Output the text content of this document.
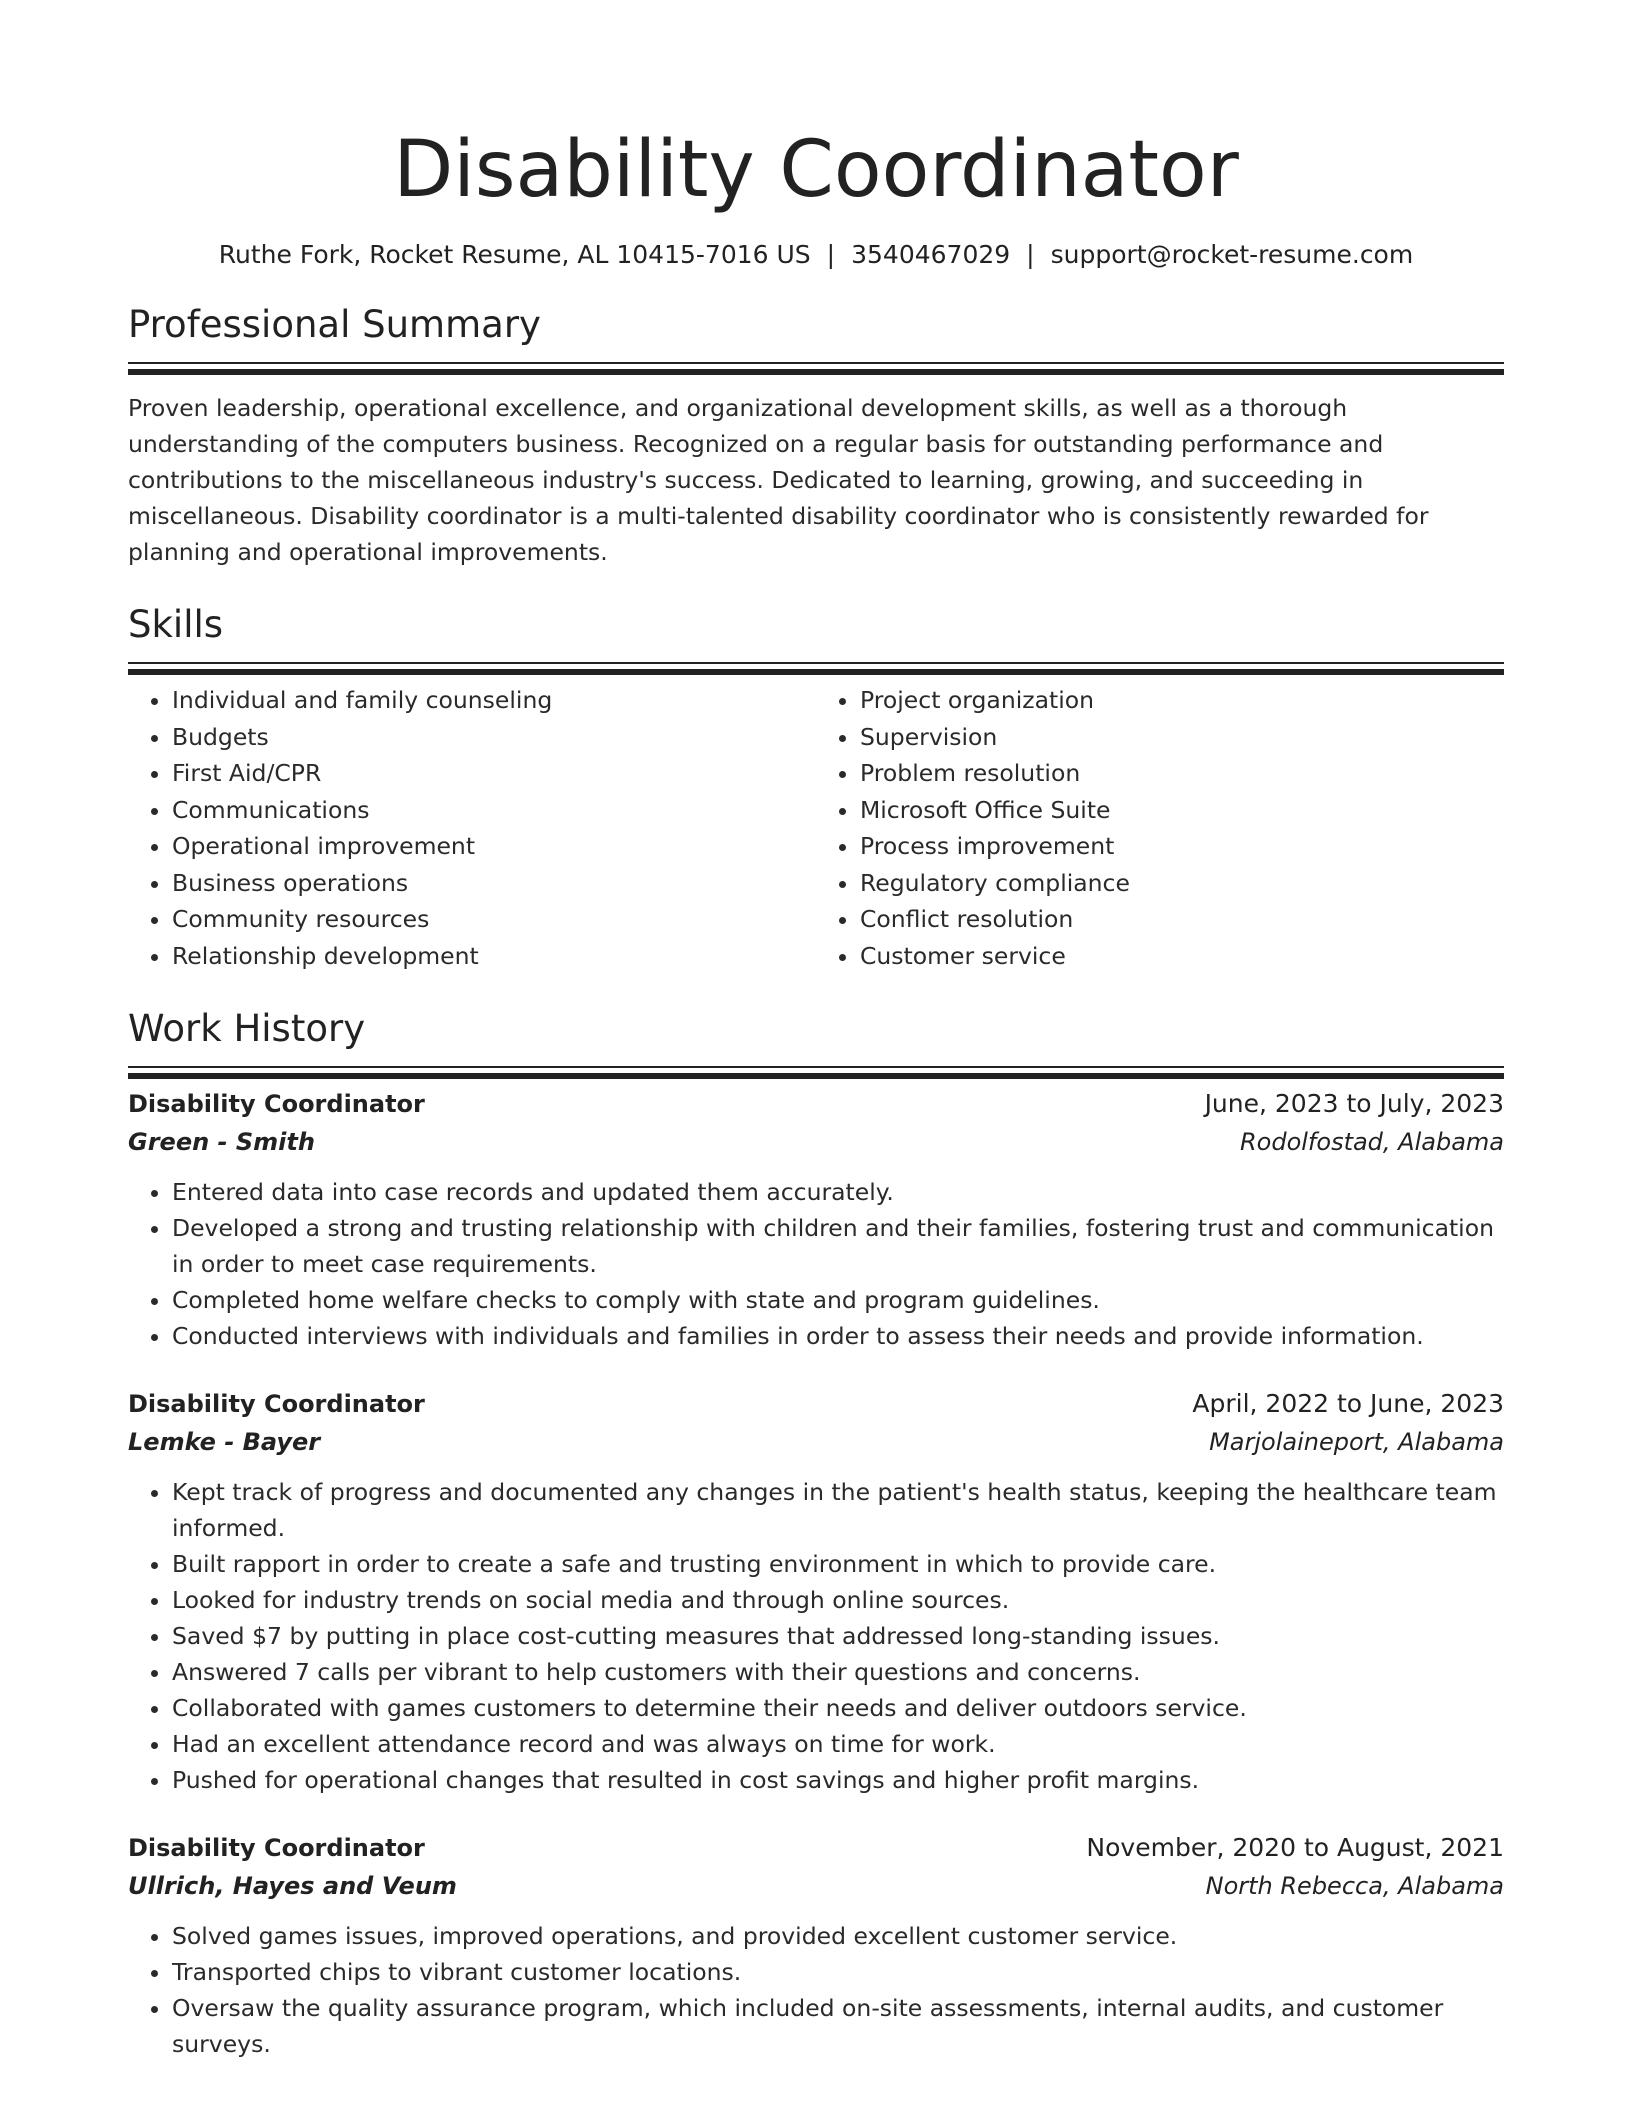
Disability Coordinator
Ruthe Fork, Rocket Resume, AL 10415-7016 US | 3540467029 | support@rocket-resume.com
Professional Summary

Proven leadership, operational excellence, and organizational development skills, as well as a thorough understanding of the computers business. Recognized on a regular basis for outstanding performance and contributions to the miscellaneous industry's success. Dedicated to learning, growing, and succeeding in miscellaneous. Disability coordinator is a multi-talented disability coordinator who is consistently rewarded for planning and operational improvements.

Skills
• Individual and family counseling
• Budgets
• First Aid/CPR
• Communications
• Operational improvement
• Business operations
• Community resources
• Relationship development
• Project organization
• Supervision
• Problem resolution
• Microsoft Office Suite
• Process improvement
• Regulatory compliance
• Conflict resolution
• Customer service
Work History
Disability Coordinator	June, 2023 to July, 2023
Green - Smith	Rodolfostad, Alabama
• Entered data into case records and updated them accurately.
• Developed a strong and trusting relationship with children and their families, fostering trust and communication in order to meet case requirements.
• Completed home welfare checks to comply with state and program guidelines.
• Conducted interviews with individuals and families in order to assess their needs and provide information.
Disability Coordinator	April, 2022 to June, 2023
Lemke - Bayer	Marjolaineport, Alabama
• Kept track of progress and documented any changes in the patient's health status, keeping the healthcare team informed.
• Built rapport in order to create a safe and trusting environment in which to provide care.
• Looked for industry trends on social media and through online sources.
• Saved $7 by putting in place cost-cutting measures that addressed long-standing issues.
• Answered 7 calls per vibrant to help customers with their questions and concerns.
• Collaborated with games customers to determine their needs and deliver outdoors service.
• Had an excellent attendance record and was always on time for work.
• Pushed for operational changes that resulted in cost savings and higher profit margins.
Disability Coordinator	November, 2020 to August, 2021
Ullrich, Hayes and Veum	North Rebecca, Alabama
• Solved games issues, improved operations, and provided excellent customer service.
• Transported chips to vibrant customer locations.
• Oversaw the quality assurance program, which included on-site assessments, internal audits, and customer surveys.
